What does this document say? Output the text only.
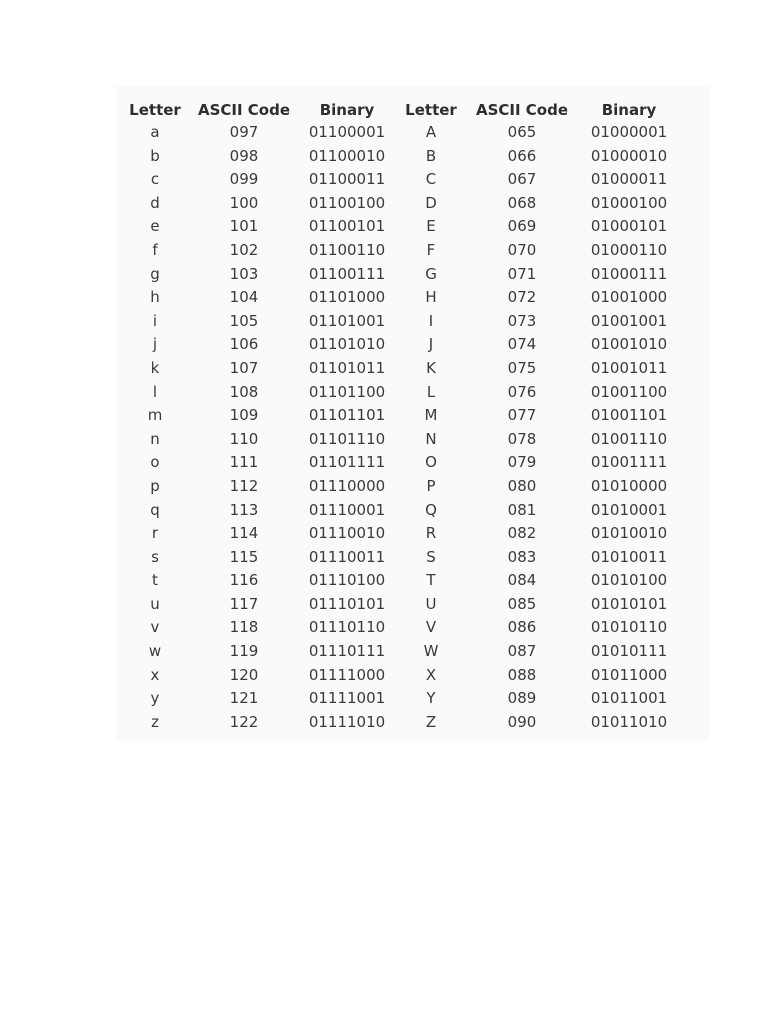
Letter	ASCII Code	Binary	Letter	ASCII Code	Binary
a	097	01100001	A	065	01000001
b	098	01100010	B	066	01000010
c	099	01100011	C	067	01000011
d	100	01100100	D	068	01000100
e	101	01100101	E	069	01000101
f	102	01100110	F	070	01000110
g	103	01100111	G	071	01000111
h	104	01101000	H	072	01001000
i	105	01101001	I	073	01001001
j	106	01101010	J	074	01001010
k	107	01101011	K	075	01001011
l	108	01101100	L	076	01001100
m	109	01101101	M	077	01001101
n	110	01101110	N	078	01001110
o	111	01101111	O	079	01001111
p	112	01110000	P	080	01010000
q	113	01110001	Q	081	01010001
r	114	01110010	R	082	01010010
s	115	01110011	S	083	01010011
t	116	01110100	T	084	01010100
u	117	01110101	U	085	01010101
v	118	01110110	V	086	01010110
w	119	01110111	W	087	01010111
x	120	01111000	X	088	01011000
y	121	01111001	Y	089	01011001
z	122	01111010	Z	090	01011010
